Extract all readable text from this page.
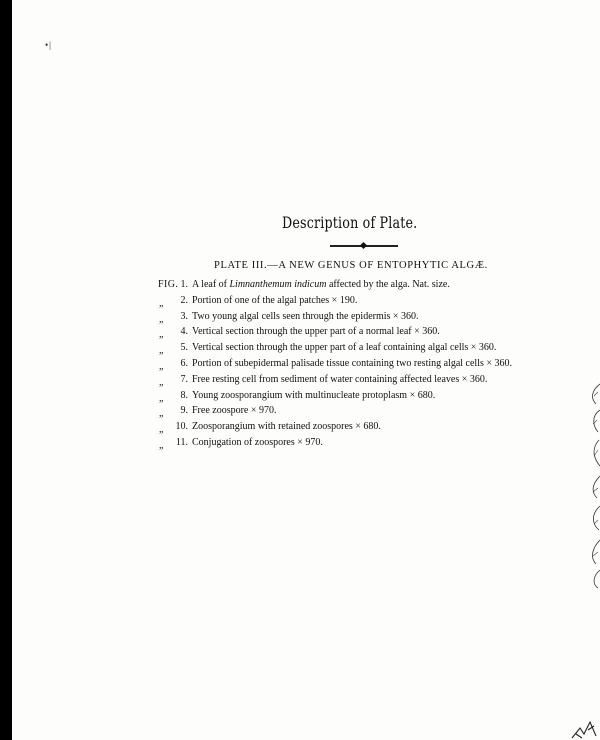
•|
Description of Plate.
PLATE III.—A NEW GENUS OF ENTOPHYTIC ALGÆ.
FIG. 1. A leaf of Limnanthemum indicum affected by the alga. Nat. size.
„	2. Portion of one of the algal patches × 190.
„	3. Two young algal cells seen through the epidermis × 360.
„	4. Vertical section through the upper part of a normal leaf × 360.
„	5. Vertical section through the upper part of a leaf containing algal cells × 360.
„	6. Portion of subepidermal palisade tissue containing two resting algal cells × 360.
„	7. Free resting cell from sediment of water containing affected leaves × 360.
„	8. Young zoosporangium with multinucleate protoplasm × 680.
„	9. Free zoospore × 970.
„	10. Zoosporangium with retained zoospores × 680.
„	11. Conjugation of zoospores × 970.
